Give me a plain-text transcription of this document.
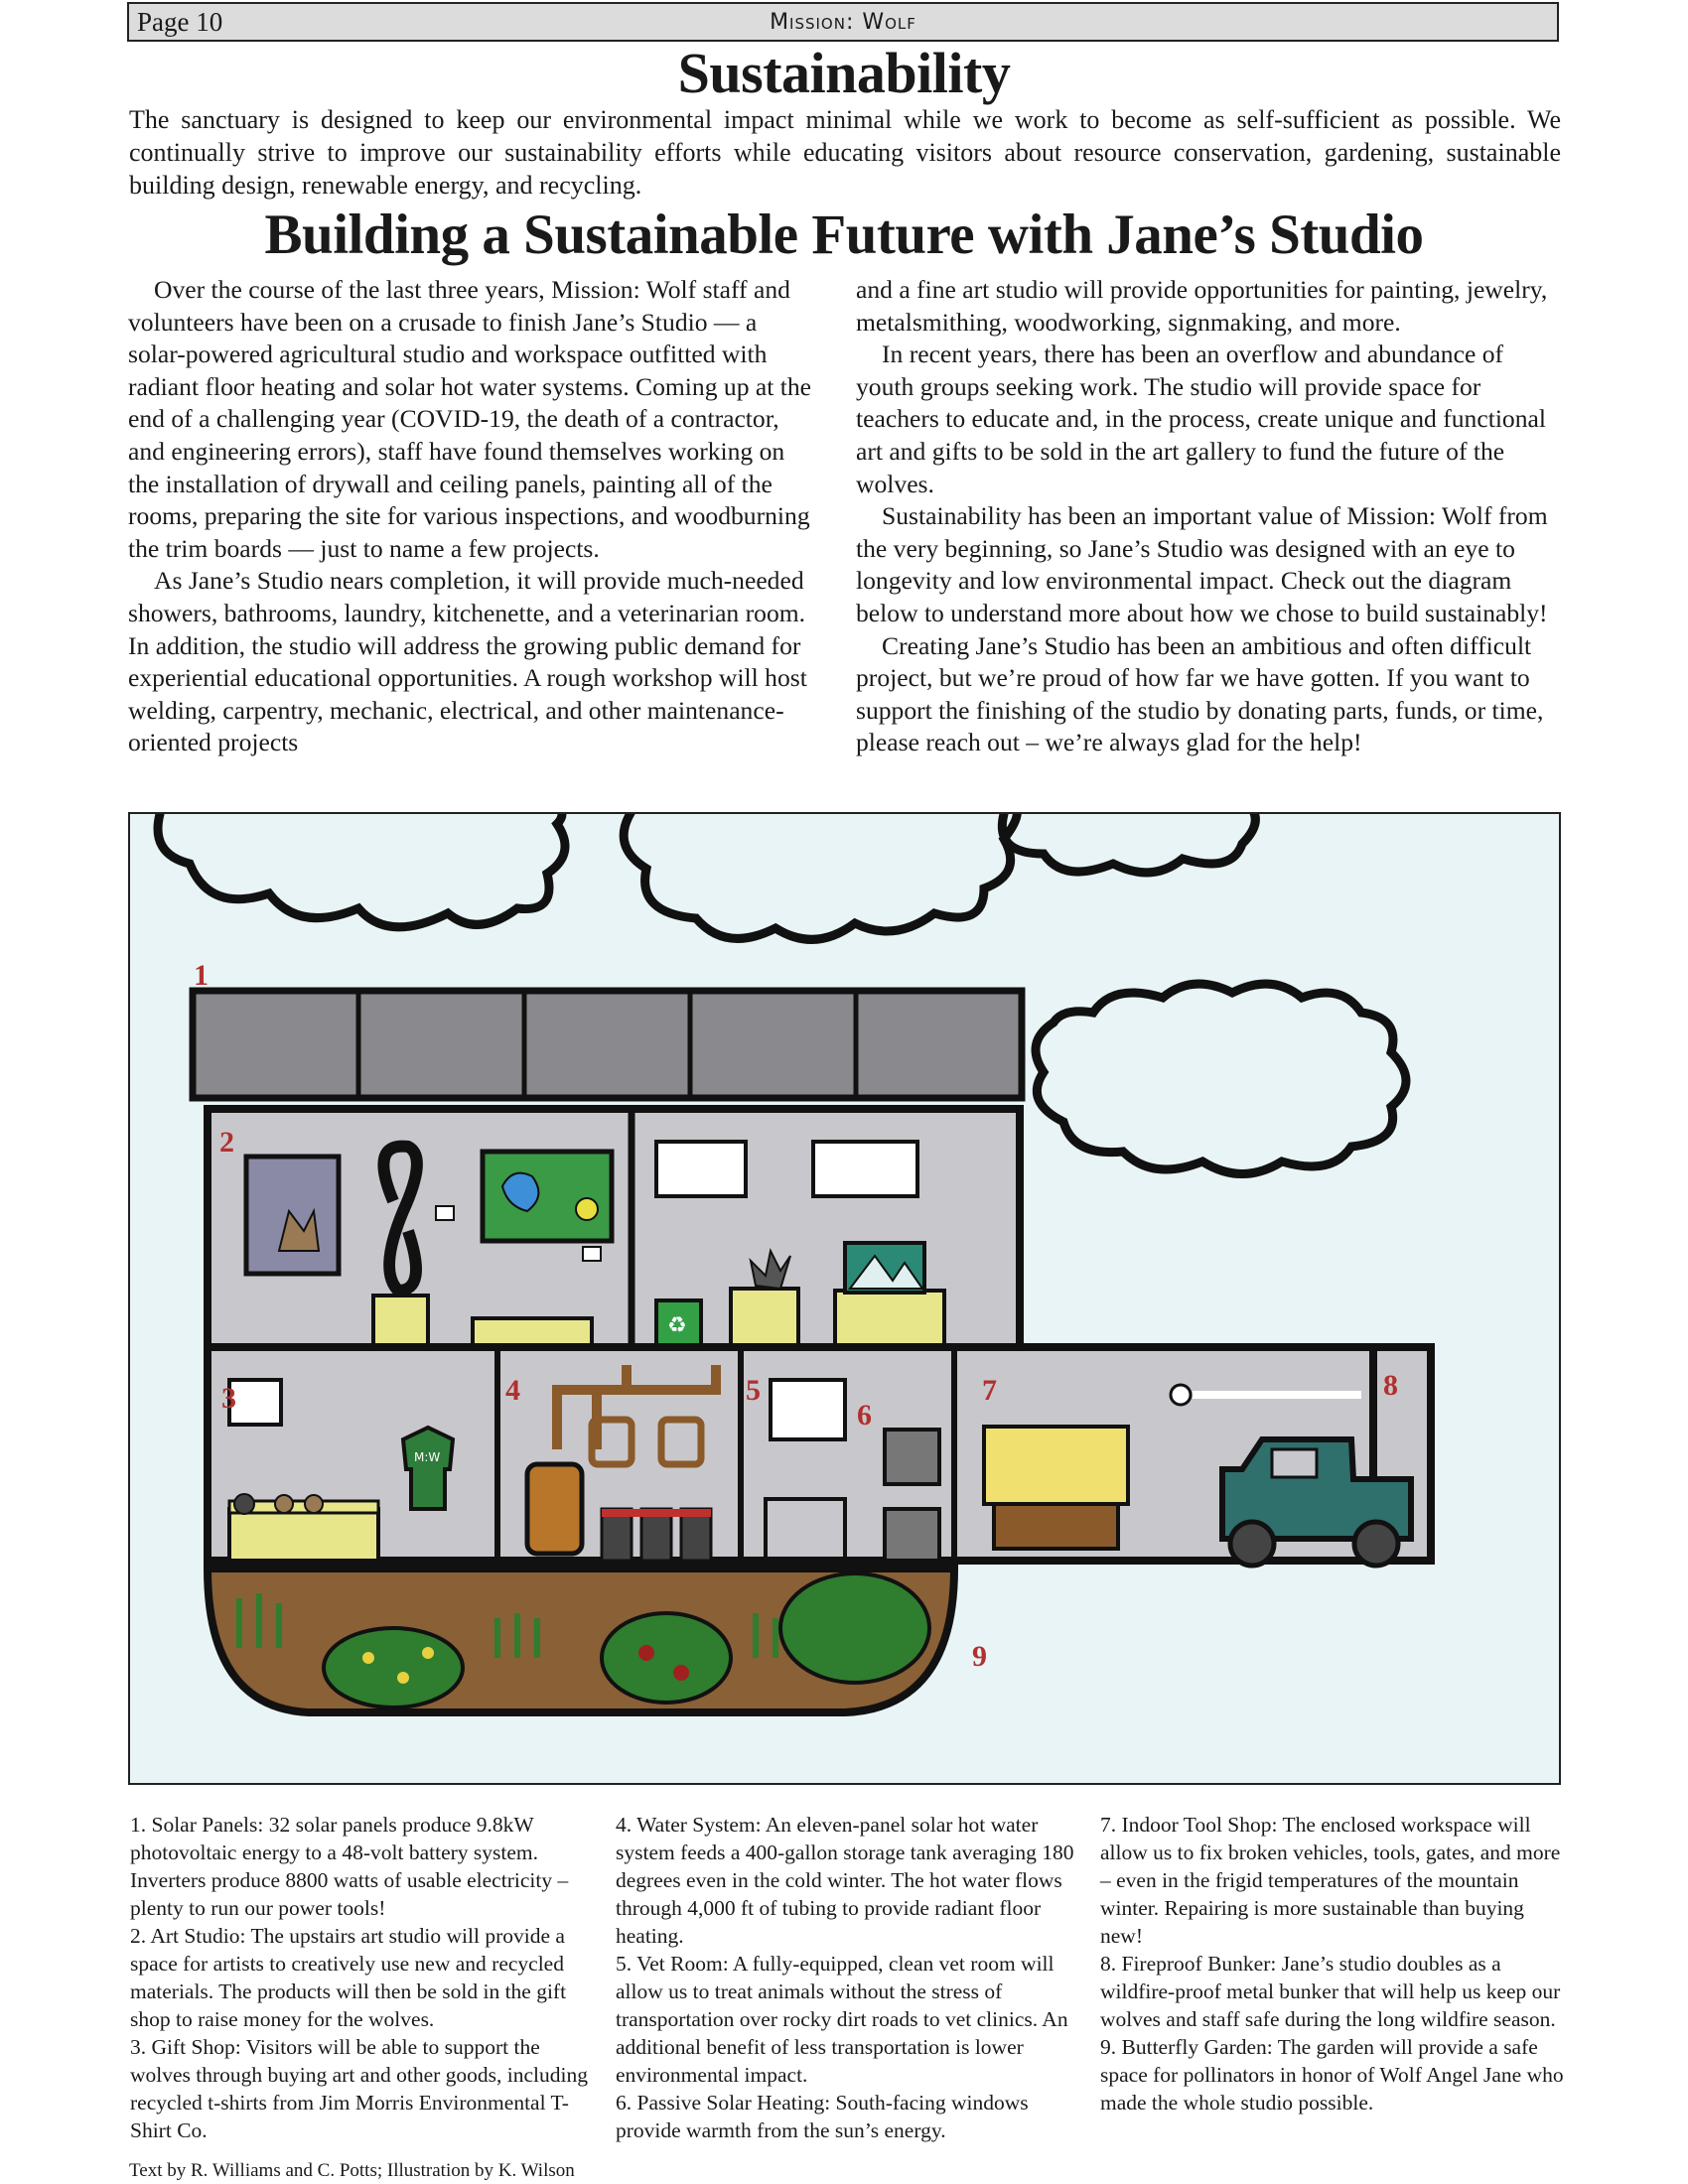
Page 10	Mission: Wolf
Sustainability

The sanctuary is designed to keep our environmental impact minimal while we work to become as self-sufficient as possible. We continually strive to improve our sustainability efforts while educating visitors about resource conservation, gardening, sustainable building design, renewable energy, and recycling.

Building a Sustainable Future with Jane’s Studio

Over the course of the last three years, Mission: Wolf staff and volunteers have been on a crusade to finish Jane’s Studio — a solar-powered agricultural studio and workspace outfitted with radiant floor heating and solar hot water systems. Coming up at the end of a challenging year (COVID-19, the death of a contractor, and engineering errors), staff have found themselves working on the installation of drywall and ceiling panels, painting all of the rooms, preparing the site for various inspections, and woodburning the trim boards — just to name a few projects.

As Jane’s Studio nears completion, it will provide much-needed showers, bathrooms, laundry, kitchenette, and a veterinarian room. In addition, the studio will address the growing public demand for experiential educational opportunities. A rough workshop will host welding, carpentry, mechanic, electrical, and other maintenance-oriented projects

and a fine art studio will provide opportunities for painting, jewelry, metalsmithing, woodworking, signmaking, and more.

In recent years, there has been an overflow and abundance of youth groups seeking work. The studio will provide space for teachers to educate and, in the process, create unique and functional art and gifts to be sold in the art gallery to fund the future of the wolves.

Sustainability has been an important value of Mission: Wolf from the very beginning, so Jane’s Studio was designed with an eye to longevity and low environmental impact. Check out the diagram below to understand more about how we chose to build sustainably!

Creating Jane’s Studio has been an ambitious and often difficult project, but we’re proud of how far we have gotten. If you want to support the finishing of the studio by donating parts, funds, or time, please reach out – we’re always glad for the help!

♻
M:W
1
2
3	4	5
6
7	8
9

1. Solar Panels: 32 solar panels produce 9.8kW photovoltaic energy to a 48-volt battery system. Inverters produce 8800 watts of usable electricity – plenty to run our power tools!

2. Art Studio: The upstairs art studio will provide a space for artists to creatively use new and recycled materials. The products will then be sold in the gift shop to raise money for the wolves.

3. Gift Shop: Visitors will be able to support the wolves through buying art and other goods, including recycled t-shirts from Jim Morris Environmental T-Shirt Co.

4. Water System: An eleven-panel solar hot water system feeds a 400-gallon storage tank averaging 180 degrees even in the cold winter. The hot water flows through 4,000 ft of tubing to provide radiant floor heating.

5. Vet Room: A fully-equipped, clean vet room will allow us to treat animals without the stress of transportation over rocky dirt roads to vet clinics. An additional benefit of less transportation is lower environmental impact.

6. Passive Solar Heating: South-facing windows provide warmth from the sun’s energy.

7. Indoor Tool Shop: The enclosed workspace will allow us to fix broken vehicles, tools, gates, and more – even in the frigid temperatures of the mountain winter. Repairing is more sustainable than buying new!

8. Fireproof Bunker: Jane’s studio doubles as a wildfire-proof metal bunker that will help us keep our wolves and staff safe during the long wildfire season.

9. Butterfly Garden: The garden will provide a safe space for pollinators in honor of Wolf Angel Jane who made the whole studio possible.

Text by R. Williams and C. Potts; Illustration by K. Wilson
